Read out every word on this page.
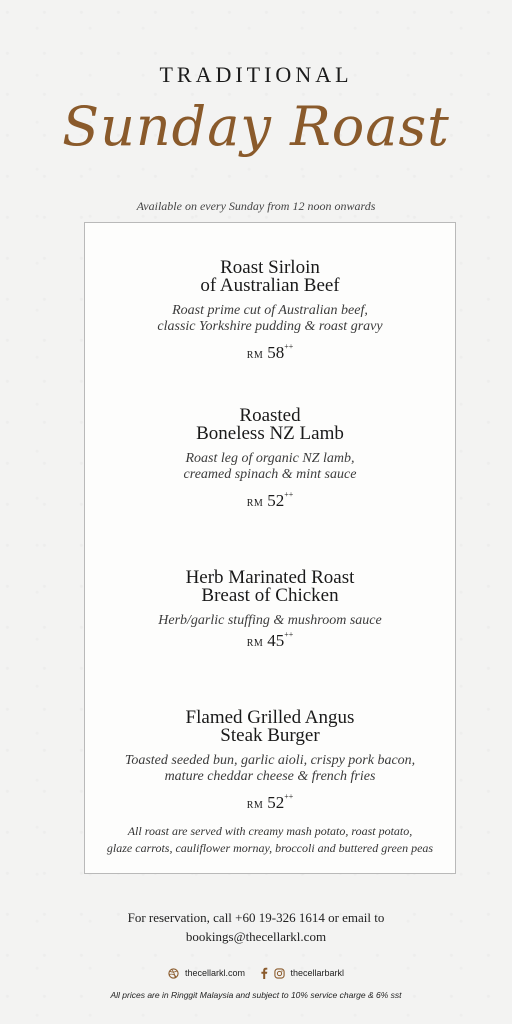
TRADITIONAL
Sunday Roast
Available on every Sunday from 12 noon onwards
Roast Sirloin
of Australian Beef
Roast prime cut of Australian beef,
classic Yorkshire pudding & roast gravy
RM 58++
Roasted
Boneless NZ Lamb
Roast leg of organic NZ lamb,
creamed spinach & mint sauce
RM 52++
Herb Marinated Roast
Breast of Chicken
Herb/garlic stuffing & mushroom sauce
RM 45++
Flamed Grilled Angus
Steak Burger
Toasted seeded bun, garlic aioli, crispy pork bacon,
mature cheddar cheese & french fries
RM 52++
All roast are served with creamy mash potato, roast potato,
glaze carrots, cauliflower mornay, broccoli and buttered green peas
For reservation, call +60 19-326 1614 or email to
bookings@thecellarkl.com
thecellarkl.com
	thecellarbarkl
All prices are in Ringgit Malaysia and subject to 10% service charge & 6% sst
